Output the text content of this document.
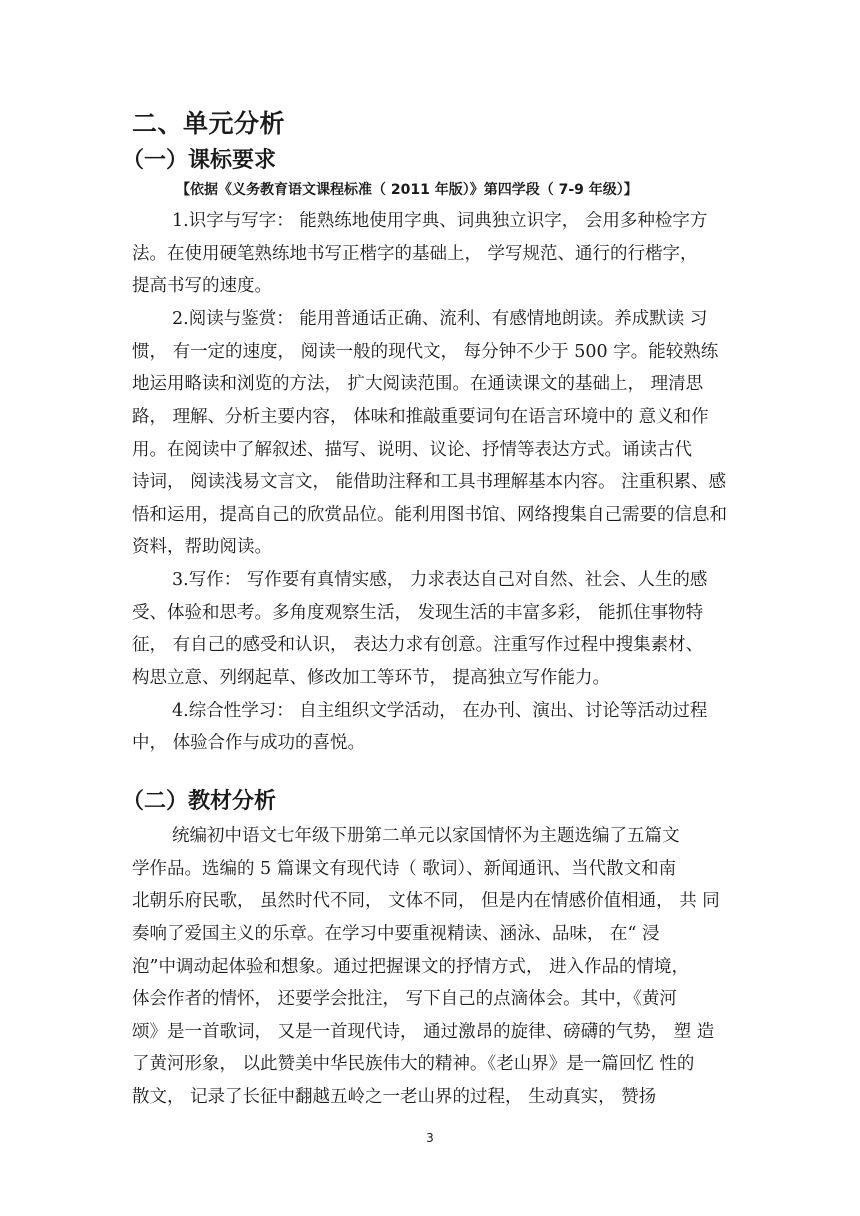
二、单元分析
（一）课标要求
【依据《义务教育语文课程标准（ 2011 年版）》第四学段（ 7-9 年级）】
1.识字与写字： 能熟练地使用字典、词典独立识字， 会用多种检字方
法。在使用硬笔熟练地书写正楷字的基础上， 学写规范、通行的行楷字，
提高书写的速度。
2.阅读与鉴赏： 能用普通话正确、流利、有感情地朗读。养成默读 习
惯， 有一定的速度， 阅读一般的现代文， 每分钟不少于 500 字。能较熟练
地运用略读和浏览的方法， 扩大阅读范围。在通读课文的基础上， 理清思
路， 理解、分析主要内容， 体味和推敲重要词句在语言环境中的 意义和作
用。在阅读中了解叙述、描写、说明、议论、抒情等表达方式。诵读古代
诗词， 阅读浅易文言文， 能借助注释和工具书理解基本内容。 注重积累、感
悟和运用，提高自己的欣赏品位。能利用图书馆、网络搜集自己需要的信息和
资料，帮助阅读。
3.写作： 写作要有真情实感， 力求表达自己对自然、社会、人生的感
受、体验和思考。多角度观察生活， 发现生活的丰富多彩， 能抓住事物特
征， 有自己的感受和认识， 表达力求有创意。注重写作过程中搜集素材、
构思立意、列纲起草、修改加工等环节， 提高独立写作能力。
4.综合性学习： 自主组织文学活动， 在办刊、演出、讨论等活动过程
中， 体验合作与成功的喜悦。
（二）教材分析
统编初中语文七年级下册第二单元以家国情怀为主题选编了五篇文
学作品。选编的 5 篇课文有现代诗（ 歌词）、新闻通讯、当代散文和南
北朝乐府民歌， 虽然时代不同， 文体不同， 但是内在情感价值相通， 共 同
奏响了爱国主义的乐章。在学习中要重视精读、涵泳、品味， 在“ 浸
泡”中调动起体验和想象。通过把握课文的抒情方式， 进入作品的情境，
体会作者的情怀， 还要学会批注， 写下自己的点滴体会。其中，《黄河
颂》是一首歌词， 又是一首现代诗， 通过激昂的旋律、磅礴的气势， 塑 造
了黄河形象， 以此赞美中华民族伟大的精神。《老山界》是一篇回忆 性的
散文， 记录了长征中翻越五岭之一老山界的过程， 生动真实， 赞扬
3
